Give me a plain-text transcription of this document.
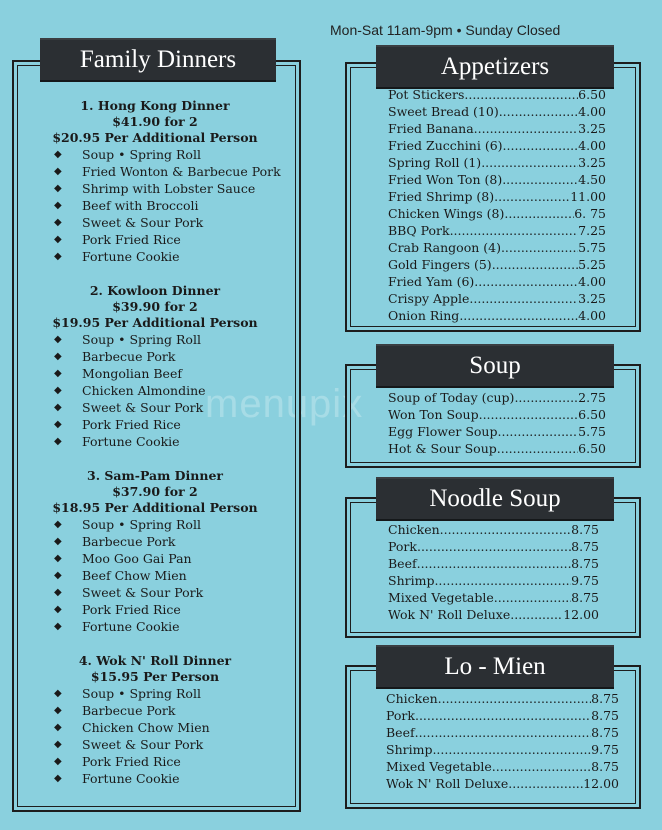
Mon-Sat 11am-9pm • Sunday Closed
menupix
Family Dinners
1. Hong Kong Dinner
$41.90 for 2
$20.95 Per Additional Person
◆ Soup • Spring Roll
◆ Fried Wonton & Barbecue Pork
◆ Shrimp with Lobster Sauce
◆ Beef with Broccoli
◆ Sweet & Sour Pork
◆ Pork Fried Rice
◆ Fortune Cookie
2. Kowloon Dinner
$39.90 for 2
$19.95 Per Additional Person
◆ Soup • Spring Roll
◆ Barbecue Pork
◆ Mongolian Beef
◆ Chicken Almondine
◆ Sweet & Sour Pork
◆ Pork Fried Rice
◆ Fortune Cookie
3. Sam-Pam Dinner
$37.90 for 2
$18.95 Per Additional Person
◆ Soup • Spring Roll
◆ Barbecue Pork
◆ Moo Goo Gai Pan
◆ Beef Chow Mien
◆ Sweet & Sour Pork
◆ Pork Fried Rice
◆ Fortune Cookie
4. Wok N' Roll Dinner
$15.95 Per Person
◆ Soup • Spring Roll
◆ Barbecue Pork
◆ Chicken Chow Mien
◆ Sweet & Sour Pork
◆ Pork Fried Rice
◆ Fortune Cookie
Appetizers
Pot Stickers .....	6.50
Sweet Bread (10) .....	4.00
Fried Banana .....	3.25
Fried Zucchini (6) .....	4.00
Spring Roll (1) .....	3.25
Fried Won Ton (8) .....	4.50
Fried Shrimp (8) .....	11.00
Chicken Wings (8) .....	6. 75
BBQ Pork .....	7.25
Crab Rangoon (4) .....	5.75
Gold Fingers (5) .....	5.25
Fried Yam (6) .....	4.00
Crispy Apple .....	3.25
Onion Ring .....	4.00
Soup
Soup of Today (cup) .....	2.75
Won Ton Soup .....	6.50
Egg Flower Soup .....	5.75
Hot & Sour Soup .....	6.50
Noodle Soup
Chicken .....	8.75
Pork .....	8.75
Beef .....	8.75
Shrimp .....	9.75
Mixed Vegetable .....	8.75
Wok N' Roll Deluxe .....	12.00
Lo - Mien
Chicken .....	8.75
Pork .....	8.75
Beef .....	8.75
Shrimp .....	9.75
Mixed Vegetable .....	8.75
Wok N' Roll Deluxe .....	12.00
